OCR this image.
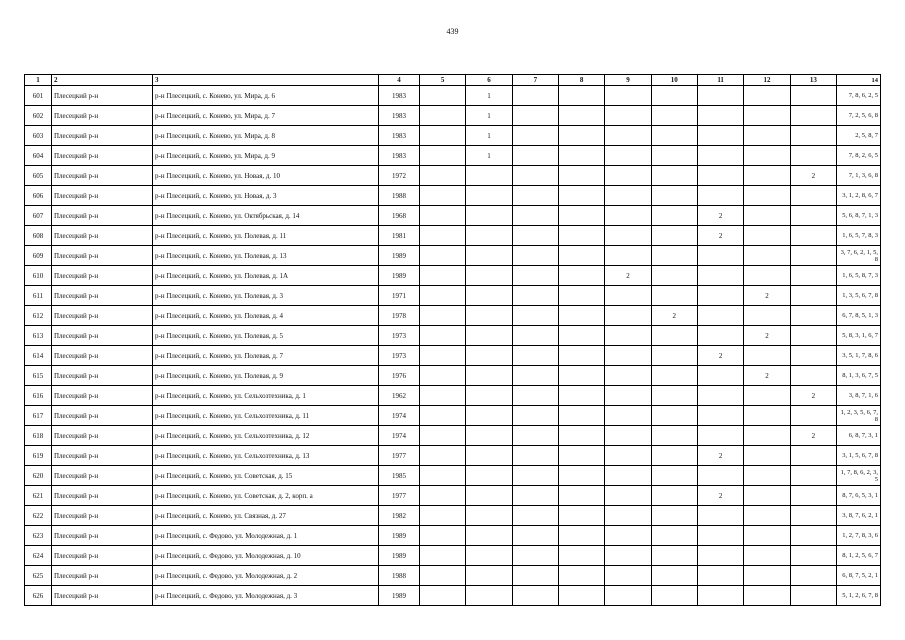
439
1	2	3	4	5	6	7	8	9	10	11	12	13	14
601	Плесецкий р-н	р-н Плесецкий, с. Конево, ул. Мира, д. 6	1983		1								7, 8, 6, 2, 5
602	Плесецкий р-н	р-н Плесецкий, с. Конево, ул. Мира, д. 7	1983		1								7, 2, 5, 6, 8
603	Плесецкий р-н	р-н Плесецкий, с. Конево, ул. Мира, д. 8	1983		1								2, 5, 8, 7
604	Плесецкий р-н	р-н Плесецкий, с. Конево, ул. Мира, д. 9	1983		1								7, 8, 2, 6, 5
605	Плесецкий р-н	р-н Плесецкий, с. Конево, ул. Новая, д. 10	1972									2	7, 1, 3, 6, 8
606	Плесецкий р-н	р-н Плесецкий, с. Конево, ул. Новая, д. 3	1988										3, 1, 2, 8, 6, 7
607	Плесецкий р-н	р-н Плесецкий, с. Конево, ул. Октябрьская, д. 14	1968							2			5, 6, 8, 7, 1, 3
608	Плесецкий р-н	р-н Плесецкий, с. Конево, ул. Полевая, д. 11	1981							2			1, 6, 5, 7, 8, 3
609	Плесецкий р-н	р-н Плесецкий, с. Конево, ул. Полевая, д. 13	1989										3, 7, 6, 2, 1, 5, 8
610	Плесецкий р-н	р-н Плесецкий, с. Конево, ул. Полевая, д. 1А	1989					2					1, 6, 5, 8, 7, 3
611	Плесецкий р-н	р-н Плесецкий, с. Конево, ул. Полевая, д. 3	1971								2		1, 3, 5, 6, 7, 8
612	Плесецкий р-н	р-н Плесецкий, с. Конево, ул. Полевая, д. 4	1978						2				6, 7, 8, 5, 1, 3
613	Плесецкий р-н	р-н Плесецкий, с. Конево, ул. Полевая, д. 5	1973								2		5, 8, 3, 1, 6, 7
614	Плесецкий р-н	р-н Плесецкий, с. Конево, ул. Полевая, д. 7	1973							2			3, 5, 1, 7, 8, 6
615	Плесецкий р-н	р-н Плесецкий, с. Конево, ул. Полевая, д. 9	1976								2		8, 1, 3, 6, 7, 5
616	Плесецкий р-н	р-н Плесецкий, с. Конево, ул. Сельхозтехника, д. 1	1962									2	3, 8, 7, 1, 6
617	Плесецкий р-н	р-н Плесецкий, с. Конево, ул. Сельхозтехника, д. 11	1974										1, 2, 3, 5, 6, 7, 8
618	Плесецкий р-н	р-н Плесецкий, с. Конево, ул. Сельхозтехника, д. 12	1974									2	6, 8, 7, 3, 1
619	Плесецкий р-н	р-н Плесецкий, с. Конево, ул. Сельхозтехника, д. 13	1977							2			3, 1, 5, 6, 7, 8
620	Плесецкий р-н	р-н Плесецкий, с. Конево, ул. Советская, д. 15	1985										1, 7, 8, 6, 2, 3, 5
621	Плесецкий р-н	р-н Плесецкий, с. Конево, ул. Советская, д. 2, корп. а	1977							2			8, 7, 6, 5, 3, 1
622	Плесецкий р-н	р-н Плесецкий, с. Конево, ул. Связная, д. 27	1982										3, 8, 7, 6, 2, 1
623	Плесецкий р-н	р-н Плесецкий, с. Федово, ул. Молодежная, д. 1	1989										1, 2, 7, 8, 3, 6
624	Плесецкий р-н	р-н Плесецкий, с. Федово, ул. Молодежная, д. 10	1989										8, 1, 2, 5, 6, 7
625	Плесецкий р-н	р-н Плесецкий, с. Федово, ул. Молодежная, д. 2	1988										6, 8, 7, 5, 2, 1
626	Плесецкий р-н	р-н Плесецкий, с. Федово, ул. Молодежная, д. 3	1989										5, 1, 2, 6, 7, 8
